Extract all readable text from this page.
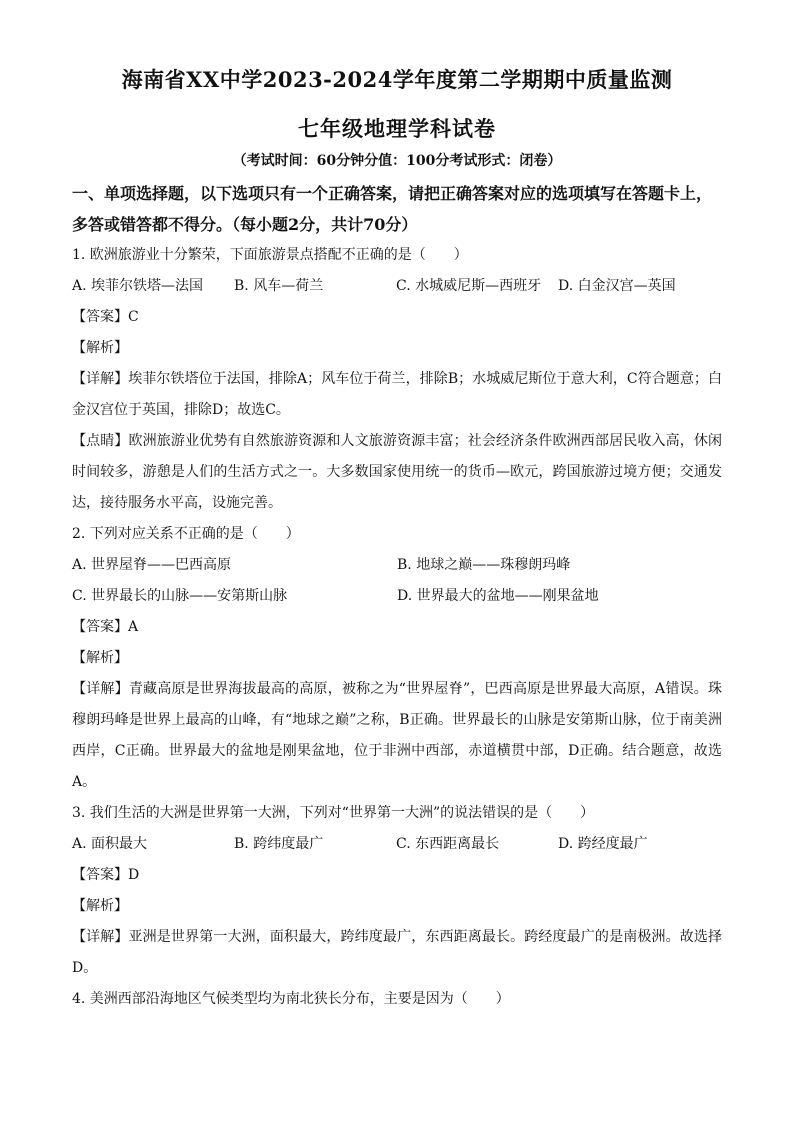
海南省XX中学2023-2024学年度第二学期期中质量监测
七年级地理学科试卷
（考试时间：60分钟分值：100分考试形式：闭卷）

一、单项选择题，以下选项只有一个正确答案，请把正确答案对应的选项填写在答题卡上，

多答或错答都不得分。（每小题2分，共计70分）

1. 欧洲旅游业十分繁荣，下面旅游景点搭配不正确的是（　　）

A. 埃菲尔铁塔—法国	B. 风车—荷兰	C. 水城威尼斯—西班牙	D. 白金汉宫—英国

【答案】C

【解析】

【详解】埃菲尔铁塔位于法国，排除A；风车位于荷兰，排除B；水城威尼斯位于意大利，C符合题意；白金汉宫位于英国，排除D；故选C。

【点睛】欧洲旅游业优势有自然旅游资源和人文旅游资源丰富；社会经济条件欧洲西部居民收入高，休闲时间较多，游憩是人们的生活方式之一。大多数国家使用统一的货币—欧元，跨国旅游过境方便；交通发达，接待服务水平高，设施完善。

2. 下列对应关系不正确的是（　　）

A. 世界屋脊——巴西高原	B. 地球之巅——珠穆朗玛峰
C. 世界最长的山脉——安第斯山脉	D. 世界最大的盆地——刚果盆地

【答案】A

【解析】

【详解】青藏高原是世界海拔最高的高原，被称之为“世界屋脊”，巴西高原是世界最大高原，A错误。珠穆朗玛峰是世界上最高的山峰，有“地球之巅”之称，B正确。世界最长的山脉是安第斯山脉，位于南美洲西岸，C正确。世界最大的盆地是刚果盆地，位于非洲中西部，赤道横贯中部，D正确。结合题意，故选A。

3. 我们生活的大洲是世界第一大洲，下列对“世界第一大洲”的说法错误的是（　　）

A. 面积最大	B. 跨纬度最广	C. 东西距离最长	D. 跨经度最广

【答案】D

【解析】

【详解】亚洲是世界第一大洲，面积最大，跨纬度最广，东西距离最长。跨经度最广的是南极洲。故选择D。

4. 美洲西部沿海地区气候类型均为南北狭长分布，主要是因为（　　）
